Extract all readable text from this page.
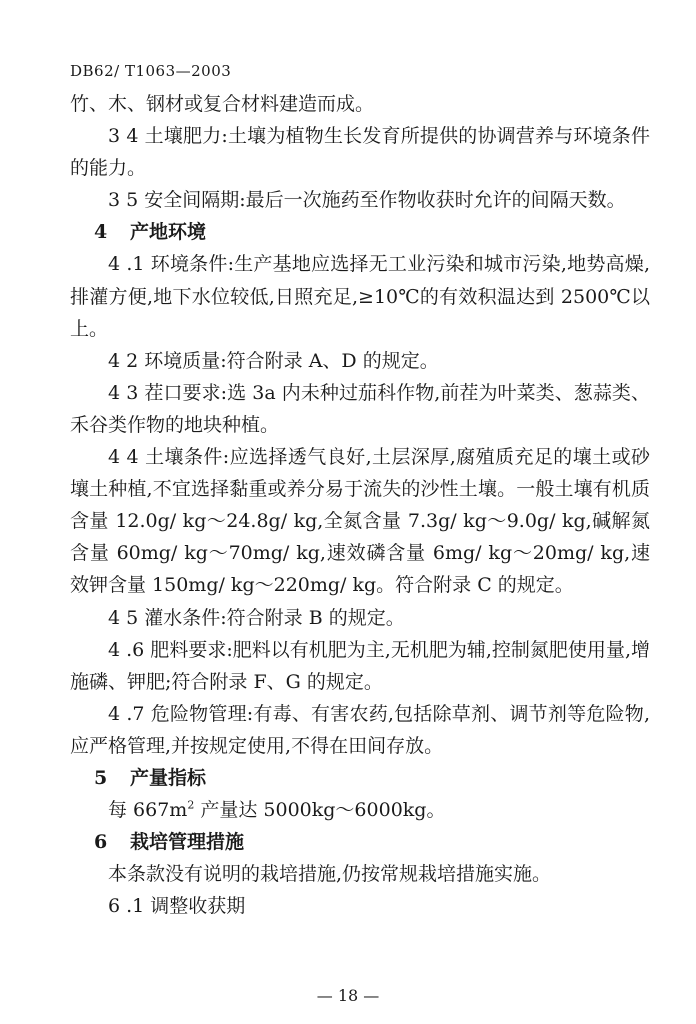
DB62/ T1063—2003

竹、木、钢材或复合材料建造而成。

3 4 土壤肥力:土壤为植物生长发育所提供的协调营养与环境条件的能力。

3 5 安全间隔期:最后一次施药至作物收获时允许的间隔天数。

4 产地环境

4 .1 环境条件:生产基地应选择无工业污染和城市污染,地势高燥,排灌方便,地下水位较低,日照充足,≥10℃的有效积温达到 2500℃以上。

4 2 环境质量:符合附录 A、D 的规定。

4 3 茬口要求:选 3a 内未种过茄科作物,前茬为叶菜类、葱蒜类、禾谷类作物的地块种植。

4 4 土壤条件:应选择透气良好,土层深厚,腐殖质充足的壤土或砂壤土种植,不宜选择黏重或养分易于流失的沙性土壤。一般土壤有机质含量 12.0g/ kg～24.8g/ kg,全氮含量 7.3g/ kg～9.0g/ kg,碱解氮含量 60mg/ kg～70mg/ kg,速效磷含量 6mg/ kg～20mg/ kg,速效钾含量 150mg/ kg～220mg/ kg。符合附录 C 的规定。

4 5 灌水条件:符合附录 B 的规定。

4 .6 肥料要求:肥料以有机肥为主,无机肥为辅,控制氮肥使用量,增施磷、钾肥;符合附录 F、G 的规定。

4 .7 危险物管理:有毒、有害农药,包括除草剂、调节剂等危险物,应严格管理,并按规定使用,不得在田间存放。

5 产量指标

每 $667m^2$ 产量达 5000kg～6000kg。

6 栽培管理措施

本条款没有说明的栽培措施,仍按常规栽培措施实施。

6 .1 调整收获期

— 18 —
